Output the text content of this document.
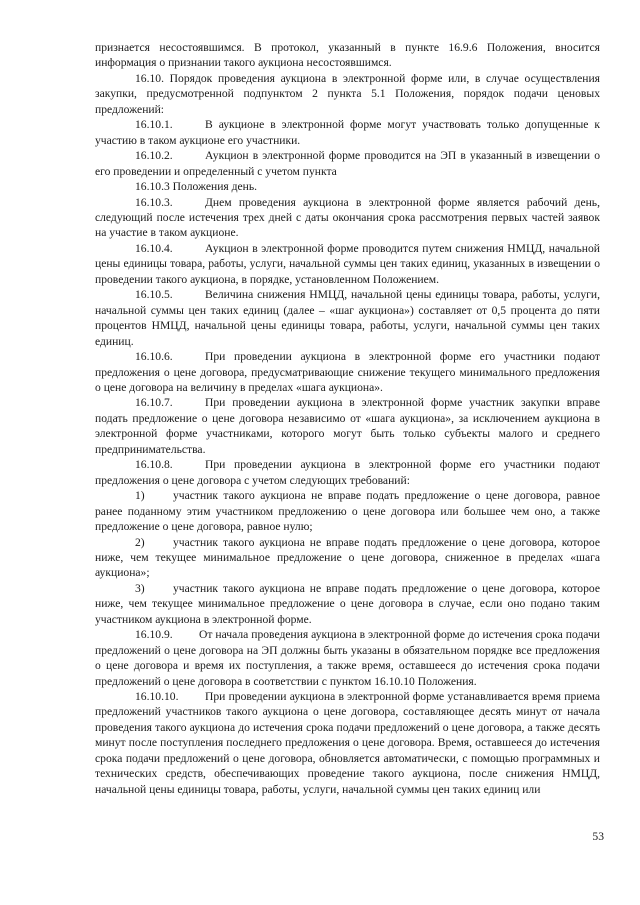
признается несостоявшимся. В протокол, указанный в пункте 16.9.6 Положения, вносится информация о признании такого аукциона несостоявшимся.

16.10. Порядок проведения аукциона в электронной форме или, в случае осуществления закупки, предусмотренной подпунктом 2 пункта 5.1 Положения, порядок подачи ценовых предложений:

16.10.1.	В аукционе в электронной форме могут участвовать только допущенные к участию в таком аукционе его участники.

16.10.2.	Аукцион в электронной форме проводится на ЭП в указанный в извещении о его проведении и определенный с учетом пункта

16.10.3 Положения день.

16.10.3.	Днем проведения аукциона в электронной форме является рабочий день, следующий после истечения трех дней с даты окончания срока рассмотрения первых частей заявок на участие в таком аукционе.

16.10.4.	Аукцион в электронной форме проводится путем снижения НМЦД, начальной цены единицы товара, работы, услуги, начальной суммы цен таких единиц, указанных в извещении о проведении такого аукциона, в порядке, установленном Положением.

16.10.5.	Величина снижения НМЦД, начальной цены единицы товара, работы, услуги, начальной суммы цен таких единиц (далее – «шаг аукциона») составляет от 0,5 процента до пяти процентов НМЦД, начальной цены единицы товара, работы, услуги, начальной суммы цен таких единиц.

16.10.6.	При проведении аукциона в электронной форме его участники подают предложения о цене договора, предусматривающие снижение текущего минимального предложения о цене договора на величину в пределах «шага аукциона».

16.10.7.	При проведении аукциона в электронной форме участник закупки вправе подать предложение о цене договора независимо от «шага аукциона», за исключением аукциона в электронной форме участниками, которого могут быть только субъекты малого и среднего предпринимательства.

16.10.8.	При проведении аукциона в электронной форме его участники подают предложения о цене договора с учетом следующих требований:

1) участник такого аукциона не вправе подать предложение о цене договора, равное ранее поданному этим участником предложению о цене договора или большее чем оно, а также предложение о цене договора, равное нулю;

2) участник такого аукциона не вправе подать предложение о цене договора, которое ниже, чем текущее минимальное предложение о цене договора, сниженное в пределах «шага аукциона»;

3) участник такого аукциона не вправе подать предложение о цене договора, которое ниже, чем текущее минимальное предложение о цене договора в случае, если оно подано таким участником аукциона в электронной форме.

16.10.9. От начала проведения аукциона в электронной форме до истечения срока подачи предложений о цене договора на ЭП должны быть указаны в обязательном порядке все предложения о цене договора и время их поступления, а также время, оставшееся до истечения срока подачи предложений о цене договора в соответствии с пунктом 16.10.10 Положения.

16.10.10. При проведении аукциона в электронной форме устанавливается время приема предложений участников такого аукциона о цене договора, составляющее десять минут от начала проведения такого аукциона до истечения срока подачи предложений о цене договора, а также десять минут после поступления последнего предложения о цене договора. Время, оставшееся до истечения срока подачи предложений о цене договора, обновляется автоматически, с помощью программных и технических средств, обеспечивающих проведение такого аукциона, после снижения НМЦД, начальной цены единицы товара, работы, услуги, начальной суммы цен таких единиц или

53
